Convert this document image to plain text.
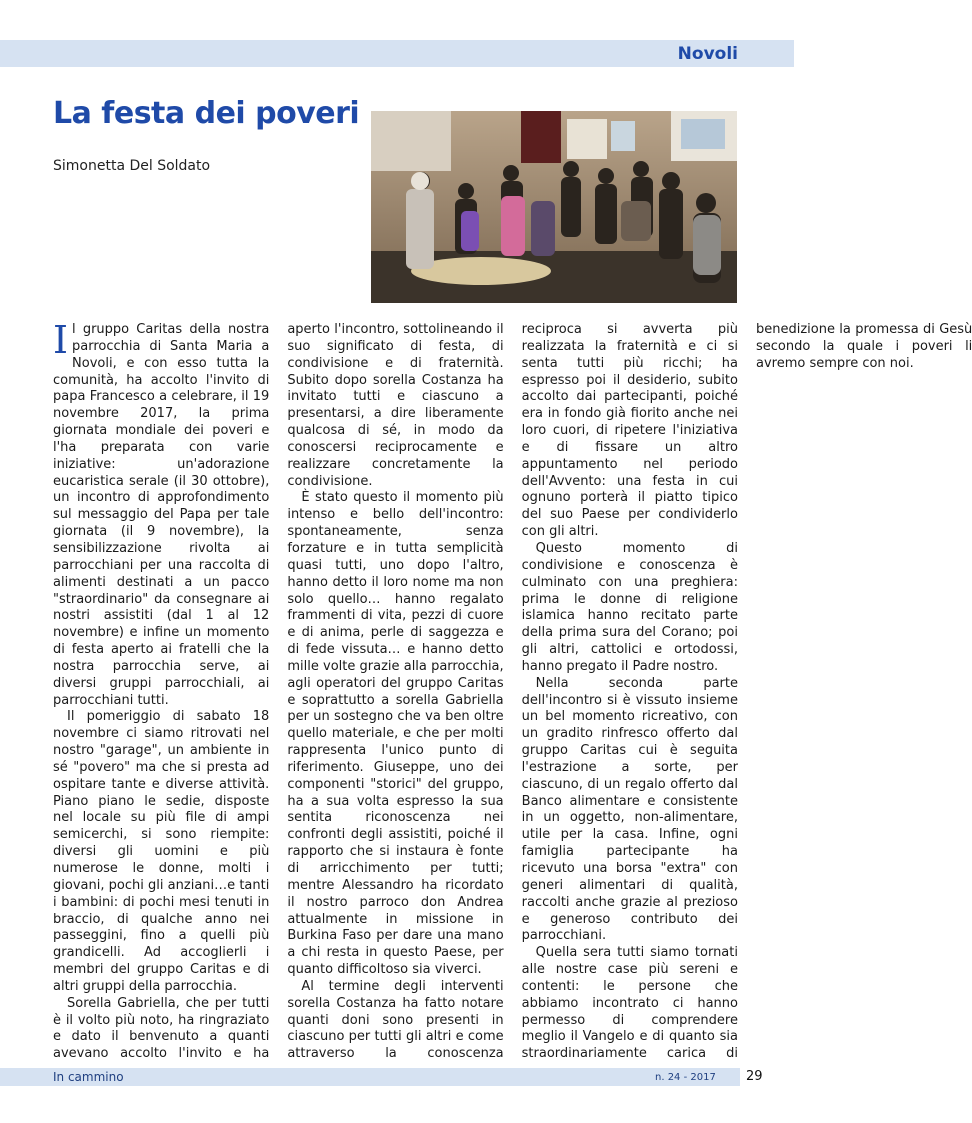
Novoli
La festa dei poveri
Simonetta Del Soldato

Il gruppo Caritas della nostra parrocchia di Santa Maria a Novoli, e con esso tutta la comunità, ha accolto l'invito di papa Francesco a celebrare, il 19 novembre 2017, la prima giornata mondiale dei poveri e l'ha preparata con varie iniziative: un'adorazione eucaristica serale (il 30 ottobre), un incontro di approfondimento sul messaggio del Papa per tale giornata (il 9 novembre), la sensibilizzazione rivolta ai parrocchiani per una raccolta di alimenti destinati a un pacco "straordinario" da consegnare ai nostri assistiti (dal 1 al 12 novembre) e infine un momento di festa aperto ai fratelli che la nostra parrocchia serve, ai diversi gruppi parrocchiali, ai parrocchiani tutti.

Il pomeriggio di sabato 18 novembre ci siamo ritrovati nel nostro "garage", un ambiente in sé "povero" ma che si presta ad ospitare tante e diverse attività. Piano piano le sedie, disposte nel locale su più file di ampi semicerchi, si sono riempite: diversi gli uomini e più numerose le donne, molti i giovani, pochi gli anziani…e tanti i bambini: di pochi mesi tenuti in braccio, di qualche anno nei passeggini, fino a quelli più grandicelli. Ad accoglierli i membri del gruppo Caritas e di altri gruppi della parrocchia.

Sorella Gabriella, che per tutti è il volto più noto, ha ringraziato e dato il benvenuto a quanti avevano accolto l'invito e ha aperto l'incontro, sottolineando il suo significato di festa, di condivisione e di fraternità. Subito dopo sorella Costanza ha invitato tutti e ciascuno a presentarsi, a dire liberamente qualcosa di sé, in modo da conoscersi reciprocamente e realizzare concretamente la condivisione.

È stato questo il momento più intenso e bello dell'incontro: spontaneamente, senza forzature e in tutta semplicità quasi tutti, uno dopo l'altro, hanno detto il loro nome ma non solo quello… hanno regalato frammenti di vita, pezzi di cuore e di anima, perle di saggezza e di fede vissuta… e hanno detto mille volte grazie alla parrocchia, agli operatori del gruppo Caritas e soprattutto a sorella Gabriella per un sostegno che va ben oltre quello materiale, e che per molti rappresenta l'unico punto di riferimento. Giuseppe, uno dei componenti "storici" del gruppo, ha a sua volta espresso la sua sentita riconoscenza nei confronti degli assistiti, poiché il rapporto che si instaura è fonte di arricchimento per tutti; mentre Alessandro ha ricordato il nostro parroco don Andrea attualmente in missione in Burkina Faso per dare una mano a chi resta in questo Paese, per quanto difficoltoso sia viverci.

Al termine degli interventi sorella Costanza ha fatto notare quanti doni sono presenti in ciascuno per tutti gli altri e come attraverso la conoscenza reciproca si avverta più realizzata la fraternità e ci si senta tutti più ricchi; ha espresso poi il desiderio, subito accolto dai partecipanti, poiché era in fondo già fiorito anche nei loro cuori, di ripetere l'iniziativa e di fissare un altro appuntamento nel periodo dell'Avvento: una festa in cui ognuno porterà il piatto tipico del suo Paese per condividerlo con gli altri.

Questo momento di condivisione e conoscenza è culminato con una preghiera: prima le donne di religione islamica hanno recitato parte della prima sura del Corano; poi gli altri, cattolici e ortodossi, hanno pregato il Padre nostro.

Nella seconda parte dell'incontro si è vissuto insieme un bel momento ricreativo, con un gradito rinfresco offerto dal gruppo Caritas cui è seguita l'estrazione a sorte, per ciascuno, di un regalo offerto dal Banco alimentare e consistente in un oggetto, non-alimentare, utile per la casa. Infine, ogni famiglia partecipante ha ricevuto una borsa "extra" con generi alimentari di qualità, raccolti anche grazie al prezioso e generoso contributo dei parrocchiani.

Quella sera tutti siamo tornati alle nostre case più sereni e contenti: le persone che abbiamo incontrato ci hanno permesso di comprendere meglio il Vangelo e di quanto sia straordinariamente carica di benedizione la promessa di Gesù secondo la quale i poveri li avremo sempre con noi.

In cammino	n. 24 - 2017 29
